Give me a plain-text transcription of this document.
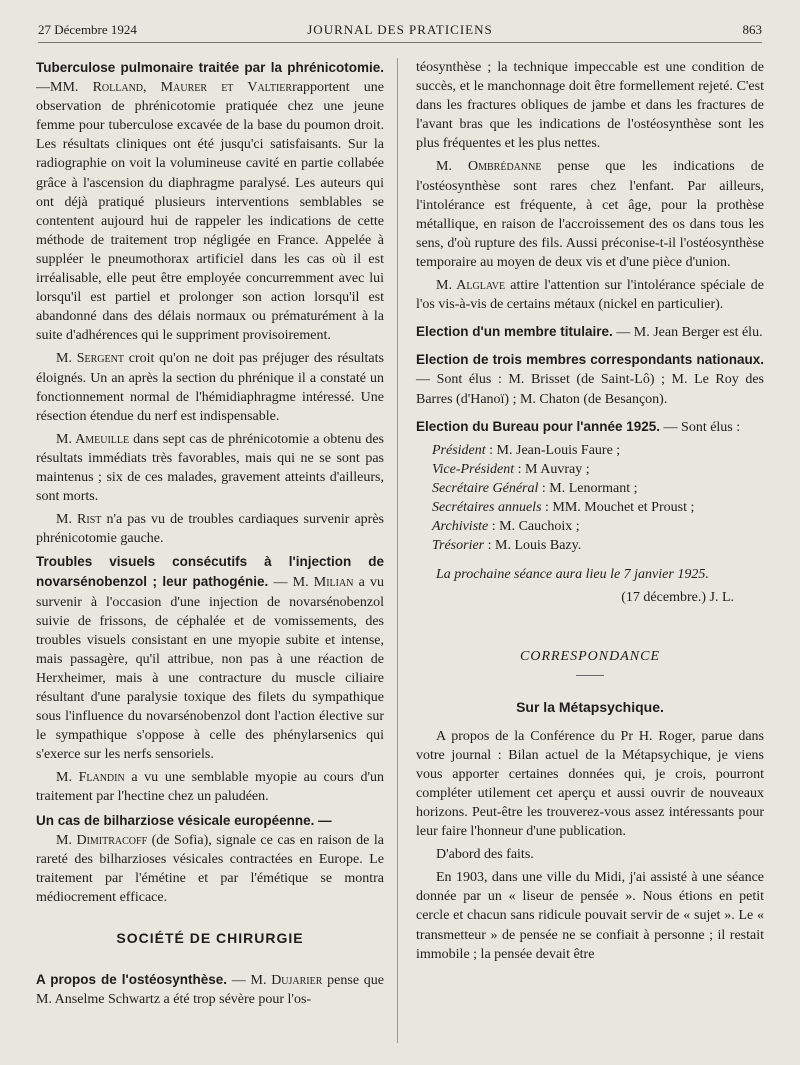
27 Décembre 1924	JOURNAL DES PRATICIENS	863

Tuberculose pulmonaire traitée par la phrénicotomie.—MM. Rolland, Maurer et Valtierrapportent une observation de phrénicotomie pratiquée chez une jeune femme pour tuberculose excavée de la base du poumon droit. Les résultats cliniques ont été jusqu'ci satisfaisants. Sur la radiographie on voit la volumineuse cavité en partie collabée grâce à l'ascension du diaphragme paralysé. Les auteurs qui ont déjà pratiqué plusieurs interventions semblables se contentent aujourd hui de rappeler les indications de cette méthode de traitement trop négligée en France. Appelée à suppléer le pneumothorax artificiel dans les cas où il est irréalisable, elle peut être employée concurremment avec lui lorsqu'il est partiel et prolonger son action lorsqu'il est abandonné dans des délais normaux ou prématurément à la suite d'adhérences qui le suppriment provisoirement.

M. Sergent croit qu'on ne doit pas préjuger des résultats éloignés. Un an après la section du phrénique il a constaté un fonctionnement normal de l'hémidiaphragme intéressé. Une résection étendue du nerf est indispensable.

M. Ameuille dans sept cas de phrénicotomie a obtenu des résultats immédiats très favorables, mais qui ne se sont pas maintenus ; six de ces malades, gravement atteints d'ailleurs, sont morts.

M. Rist n'a pas vu de troubles cardiaques survenir après phrénicotomie gauche.

Troubles visuels consécutifs à l'injection de novarsénobenzol ; leur pathogénie. — M. Milian a vu survenir à l'occasion d'une injection de novarsénobenzol suivie de frissons, de céphalée et de vomissements, des troubles visuels consistant en une myopie subite et intense, mais passagère, qu'il attribue, non pas à une réaction de Herxheimer, mais à une contracture du muscle ciliaire résultant d'une paralysie toxique des filets du sympathique sous l'influence du novarsénobenzol dont l'action élective sur le sympathique s'oppose à celle des phénylarsenics qui s'exerce sur les nerfs sensoriels.

M. Flandin a vu une semblable myopie au cours d'un traitement par l'hectine chez un paludéen.

Un cas de bilharziose vésicale européenne. —
M. Dimitracoff (de Sofia), signale ce cas en raison de la rareté des bilharzioses vésicales contractées en Europe. Le traitement par l'émétine et par l'émétique se montra médiocrement efficace.

SOCIÉTÉ DE CHIRURGIE

A propos de l'ostéosynthèse. — M. Dujarier pense que M. Anselme Schwartz a été trop sévère pour l'os-

téosynthèse ; la technique impeccable est une condition de succès, et le manchonnage doit être formellement rejeté. C'est dans les fractures obliques de jambe et dans les fractures de l'avant bras que les indications de l'ostéosynthèse sont les plus fréquentes et les plus nettes.

M. Ombrédanne pense que les indications de l'ostéosynthèse sont rares chez l'enfant. Par ailleurs, l'intolérance est fréquente, à cet âge, pour la prothèse métallique, en raison de l'accroissement des os dans tous les sens, d'où rupture des fils. Aussi préconise-t-il l'ostéosynthèse temporaire au moyen de deux vis et d'une pièce d'union.

M. Alglave attire l'attention sur l'intolérance spéciale de l'os vis-à-vis de certains métaux (nickel en particulier).

Election d'un membre titulaire. — M. Jean Berger est élu.

Election de trois membres correspondants nationaux. — Sont élus : M. Brisset (de Saint-Lô) ; M. Le Roy des Barres (d'Hanoï) ; M. Chaton (de Besançon).

Election du Bureau pour l'année 1925. — Sont élus :

Président : M. Jean-Louis Faure ;
Vice-Président : M Auvray ;
Secrétaire Général : M. Lenormant ;
Secrétaires annuels : MM. Mouchet et Proust ;
Archiviste : M. Cauchoix ;
Trésorier : M. Louis Bazy.

La prochaine séance aura lieu le 7 janvier 1925.

(17 décembre.) J. L.

CORRESPONDANCE
Sur la Métapsychique.

A propos de la Conférence du Pr H. Roger, parue dans votre journal : Bilan actuel de la Métapsychique, je viens vous apporter certaines données qui, je crois, pourront compléter utilement cet aperçu et aussi ouvrir de nouveaux horizons. Peut-être les trouverez-vous assez intéressants pour leur faire l'honneur d'une publication.

D'abord des faits.

En 1903, dans une ville du Midi, j'ai assisté à une séance donnée par un « liseur de pensée ». Nous étions en petit cercle et chacun sans ridicule pouvait servir de « sujet ». Le « transmetteur » de pensée ne se confiait à personne ; il restait immobile ; la pensée devait être
